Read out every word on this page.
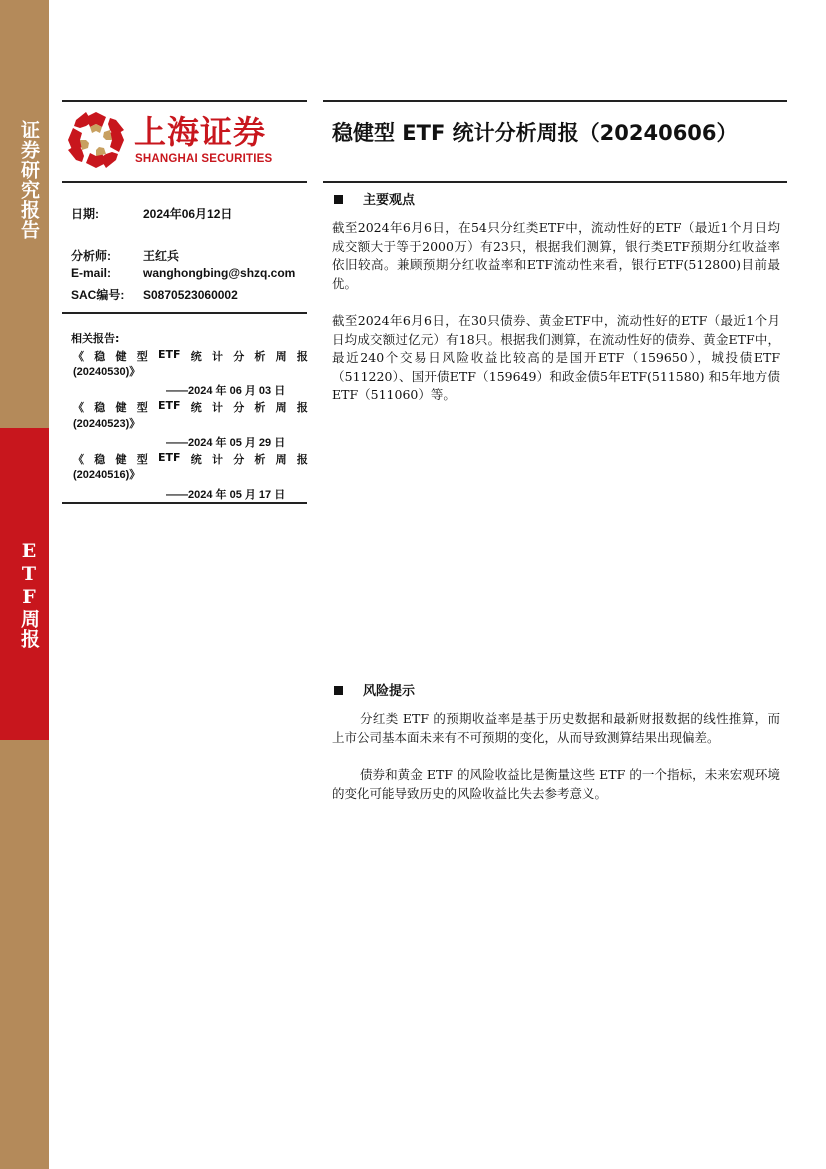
证券研究报告
ETF周报
上海证券
SHANGHAI SECURITIES
稳健型 ETF 统计分析周报（20240606）
日期:	2024年06月12日
分析师:	王红兵
E-mail:	wanghongbing@shzq.com
SAC编号: S0870523060002
相关报告:
《 稳 健 型 ETF 统 计 分 析 周 报
(20240530)》
——2024 年 06 月 03 日
《 稳 健 型 ETF 统 计 分 析 周 报
(20240523)》
——2024 年 05 月 29 日
《 稳 健 型 ETF 统 计 分 析 周 报
(20240516)》
——2024 年 05 月 17 日
主要观点
截至2024年6月6日，在54只分红类ETF中，流动性好的ETF（最近1个月日均成交额大于等于2000万）有23只，根据我们测算，银行类ETF预期分红收益率依旧较高。兼顾预期分红收益率和ETF流动性来看，银行ETF(512800)目前最优。
截至2024年6月6日，在30只债券、黄金ETF中，流动性好的ETF（最近1个月日均成交额过亿元）有18只。根据我们测算，在流动性好的债券、黄金ETF中，最近240个交易日风险收益比较高的是国开ETF（159650），城投债ETF（511220）、国开债ETF（159649）和政金债5年ETF(511580) 和5年地方债ETF（511060）等。
风险提示
分红类 ETF 的预期收益率是基于历史数据和最新财报数据的线性推算，而上市公司基本面未来有不可预期的变化，从而导致测算结果出现偏差。
债券和黄金 ETF 的风险收益比是衡量这些 ETF 的一个指标，未来宏观环境的变化可能导致历史的风险收益比失去参考意义。
